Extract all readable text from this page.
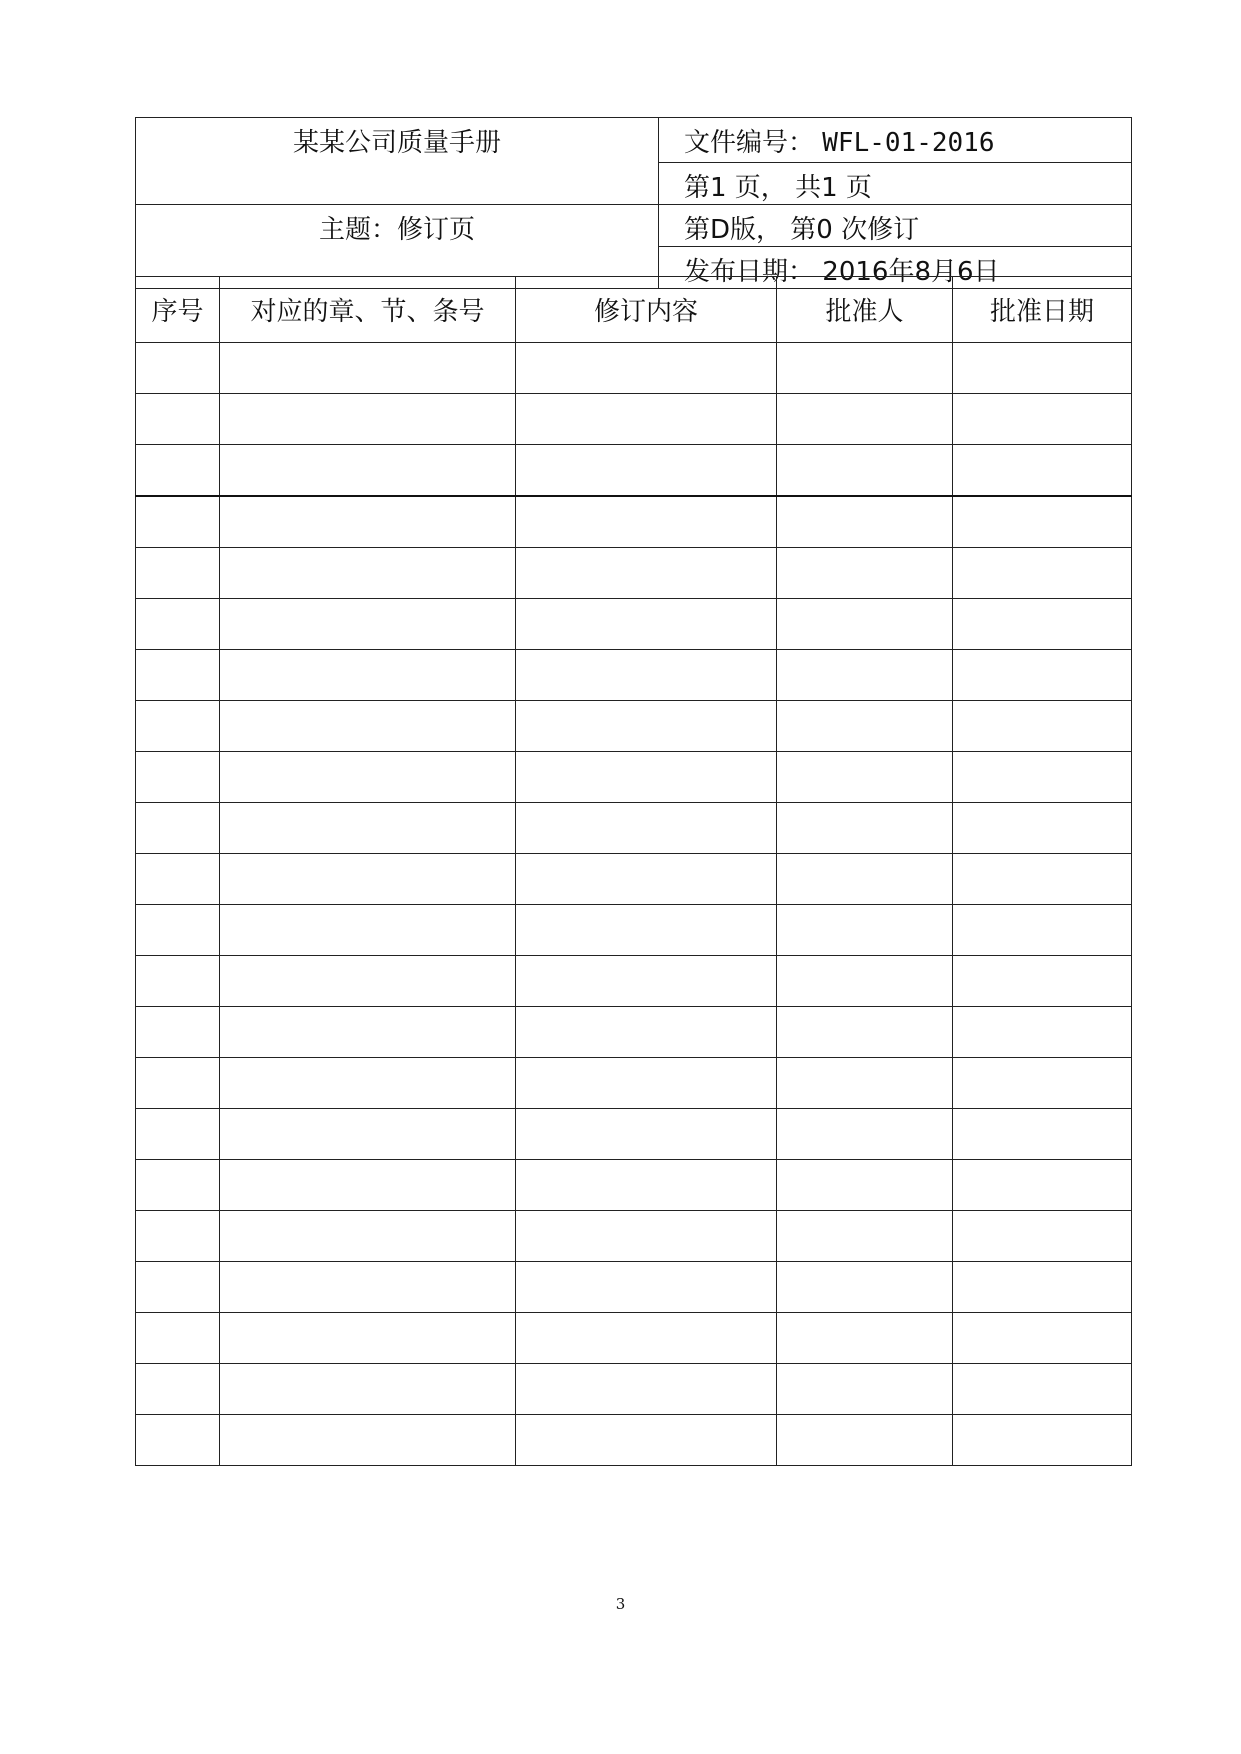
某某公司质量手册	文件编号： WFL-01-2016
	第1 页， 共1 页
主题：修订页	第D版， 第0 次修订
	发布日期： 2016年8月6日
序号	对应的章、节、条号	修订内容	批准人	批准日期

3
